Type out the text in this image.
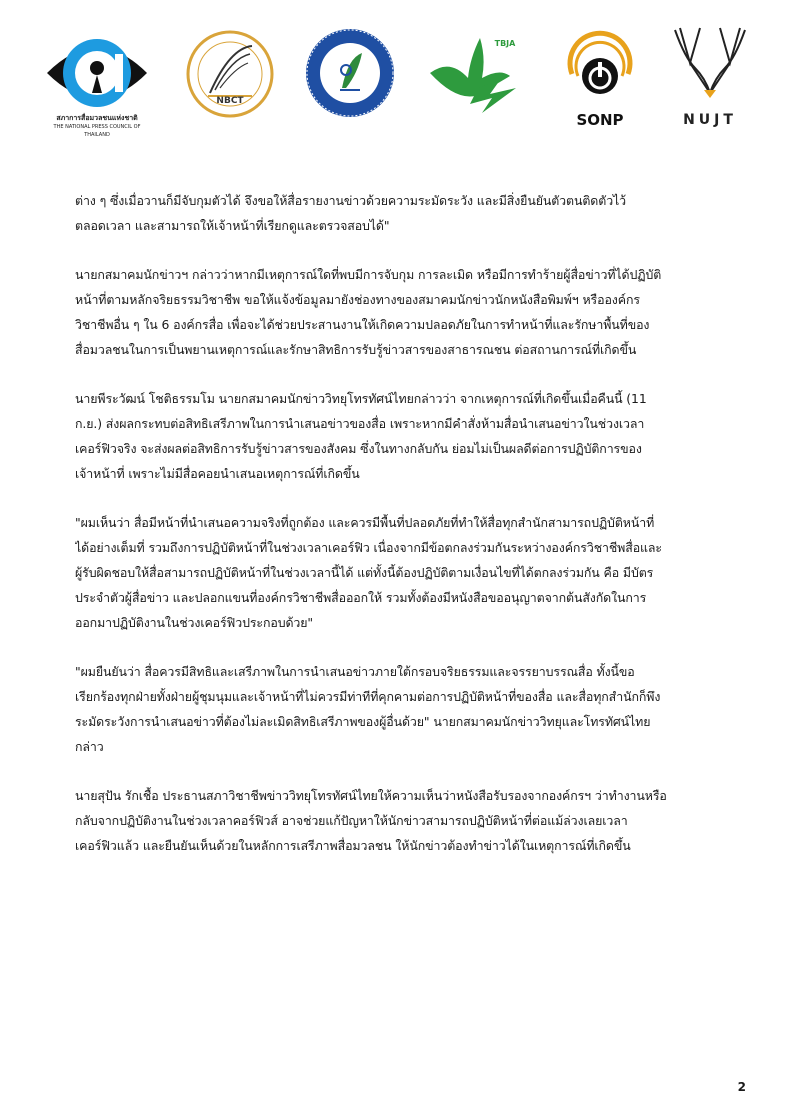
สภาการสื่อมวลชนแห่งชาติ
THE NATIONAL PRESS COUNCIL OF THAILAND
NBCT
TBJA
SONP	NUJT

ต่าง ๆ ซึ่งเมื่อวานก็มีจับกุมตัวได้ จึงขอให้สื่อรายงานข่าวด้วยความระมัดระวัง และมีสิ่งยืนยันตัวตนติดตัวไว้
ตลอดเวลา และสามารถให้เจ้าหน้าที่เรียกดูและตรวจสอบได้"

นายกสมาคมนักข่าวฯ กล่าวว่าหากมีเหตุการณ์ใดที่พบมีการจับกุม การละเมิด หรือมีการทำร้ายผู้สื่อข่าวที่ได้ปฏิบัติ
หน้าที่ตามหลักจริยธรรมวิชาชีพ ขอให้แจ้งข้อมูลมายังช่องทางของสมาคมนักข่าวนักหนังสือพิมพ์ฯ หรือองค์กร
วิชาชีพอื่น ๆ ใน 6 องค์กรสื่อ เพื่อจะได้ช่วยประสานงานให้เกิดความปลอดภัยในการทำหน้าที่และรักษาพื้นที่ของ
สื่อมวลชนในการเป็นพยานเหตุการณ์และรักษาสิทธิการรับรู้ข่าวสารของสาธารณชน ต่อสถานการณ์ที่เกิดขึ้น

นายพีระวัฒน์ โชติธรรมโม นายกสมาคมนักข่าววิทยุโทรทัศน์ไทยกล่าวว่า จากเหตุการณ์ที่เกิดขึ้นเมื่อคืนนี้ (11
ก.ย.) ส่งผลกระทบต่อสิทธิเสรีภาพในการนำเสนอข่าวของสื่อ เพราะหากมีคำสั่งห้ามสื่อนำเสนอข่าวในช่วงเวลา
เคอร์ฟิวจริง จะส่งผลต่อสิทธิการรับรู้ข่าวสารของสังคม ซึ่งในทางกลับกัน ย่อมไม่เป็นผลดีต่อการปฏิบัติการของ
เจ้าหน้าที่ เพราะไม่มีสื่อคอยนำเสนอเหตุการณ์ที่เกิดขึ้น

"ผมเห็นว่า สื่อมีหน้าที่นำเสนอความจริงที่ถูกต้อง และควรมีพื้นที่ปลอดภัยที่ทำให้สื่อทุกสำนักสามารถปฏิบัติหน้าที่
ได้อย่างเต็มที่ รวมถึงการปฏิบัติหน้าที่ในช่วงเวลาเคอร์ฟิว เนื่องจากมีข้อตกลงร่วมกันระหว่างองค์กรวิชาชีพสื่อและ
ผู้รับผิดชอบให้สื่อสามารถปฏิบัติหน้าที่ในช่วงเวลานี้ได้ แต่ทั้งนี้ต้องปฏิบัติตามเงื่อนไขที่ได้ตกลงร่วมกัน คือ มีบัตร
ประจำตัวผู้สื่อข่าว และปลอกแขนที่องค์กรวิชาชีพสื่อออกให้ รวมทั้งต้องมีหนังสือขออนุญาตจากต้นสังกัดในการ
ออกมาปฏิบัติงานในช่วงเคอร์ฟิวประกอบด้วย"

"ผมยืนยันว่า สื่อควรมีสิทธิและเสรีภาพในการนำเสนอข่าวภายใต้กรอบจริยธรรมและจรรยาบรรณสื่อ ทั้งนี้ขอ
เรียกร้องทุกฝ่ายทั้งฝ่ายผู้ชุมนุมและเจ้าหน้าที่ไม่ควรมีท่าทีที่คุกคามต่อการปฏิบัติหน้าที่ของสื่อ และสื่อทุกสำนักก็พึง
ระมัดระวังการนำเสนอข่าวที่ต้องไม่ละเมิดสิทธิเสรีภาพของผู้อื่นด้วย" นายกสมาคมนักข่าววิทยุและโทรทัศน์ไทย
กล่าว

นายสุปัน รักเชื้อ ประธานสภาวิชาชีพข่าววิทยุโทรทัศน์ไทยให้ความเห็นว่าหนังสือรับรองจากองค์กรฯ ว่าทำงานหรือ
กลับจากปฏิบัติงานในช่วงเวลาคอร์ฟิวส์ อาจช่วยแก้ปัญหาให้นักข่าวสามารถปฏิบัติหน้าที่ต่อแม้ล่วงเลยเวลา
เคอร์ฟิวแล้ว และยืนยันเห็นด้วยในหลักการเสรีภาพสื่อมวลชน ให้นักข่าวต้องทำข่าวได้ในเหตุการณ์ที่เกิดขึ้น

2
